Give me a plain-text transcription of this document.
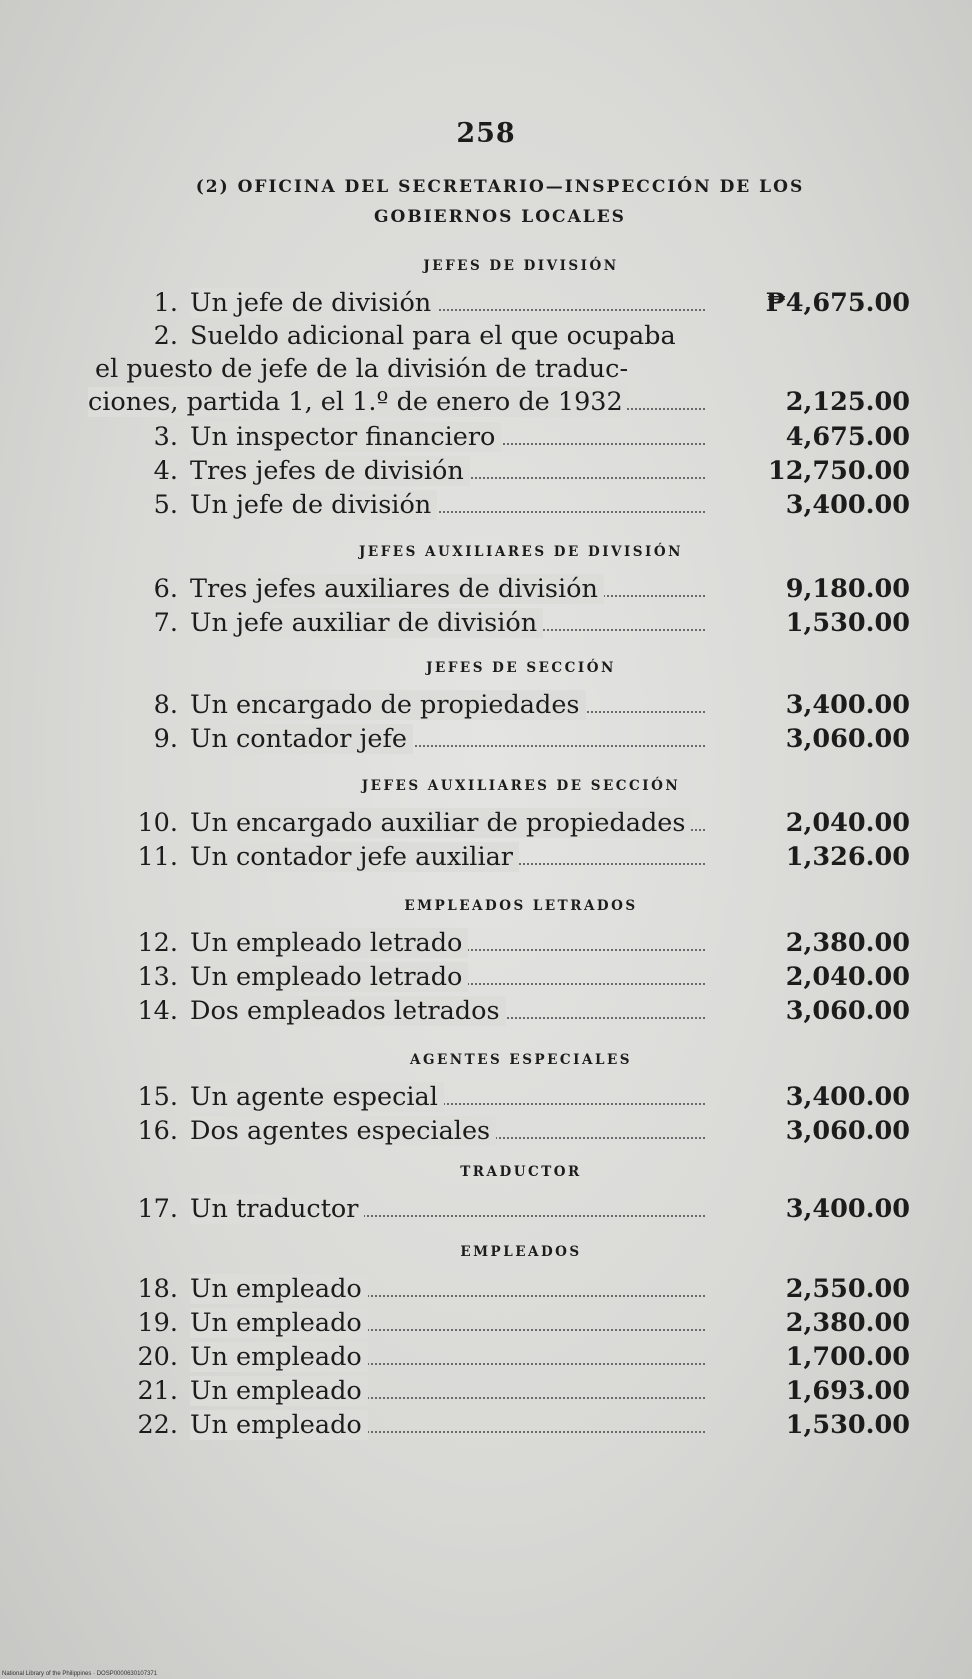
258
(2) OFICINA DEL SECRETARIO—INSPECCIÓN DE LOS
GOBIERNOS LOCALES
JEFES DE DIVISIÓN
1. Un jefe de división	₱4,675.00
2. Sueldo adicional para el que ocupaba
el puesto de jefe de la división de traduc-
ciones, partida 1, el 1.º de enero de 1932	2,125.00
3. Un inspector financiero	4,675.00
4. Tres jefes de división	12,750.00
5. Un jefe de división	3,400.00
JEFES AUXILIARES DE DIVISIÓN
6. Tres jefes auxiliares de división	9,180.00
7. Un jefe auxiliar de división	1,530.00
JEFES DE SECCIÓN
8. Un encargado de propiedades	3,400.00
9. Un contador jefe	3,060.00
JEFES AUXILIARES DE SECCIÓN
10. Un encargado auxiliar de propiedades	2,040.00
11. Un contador jefe auxiliar	1,326.00
EMPLEADOS LETRADOS
12. Un empleado letrado	2,380.00
13. Un empleado letrado	2,040.00
14. Dos empleados letrados	3,060.00
AGENTES ESPECIALES
15. Un agente especial	3,400.00
16. Dos agentes especiales	3,060.00
TRADUCTOR
17. Un traductor	3,400.00
EMPLEADOS
18. Un empleado	2,550.00
19. Un empleado	2,380.00
20. Un empleado	1,700.00
21. Un empleado	1,693.00
22. Un empleado	1,530.00
National Library of the Philippines · DOSP0000630107371
